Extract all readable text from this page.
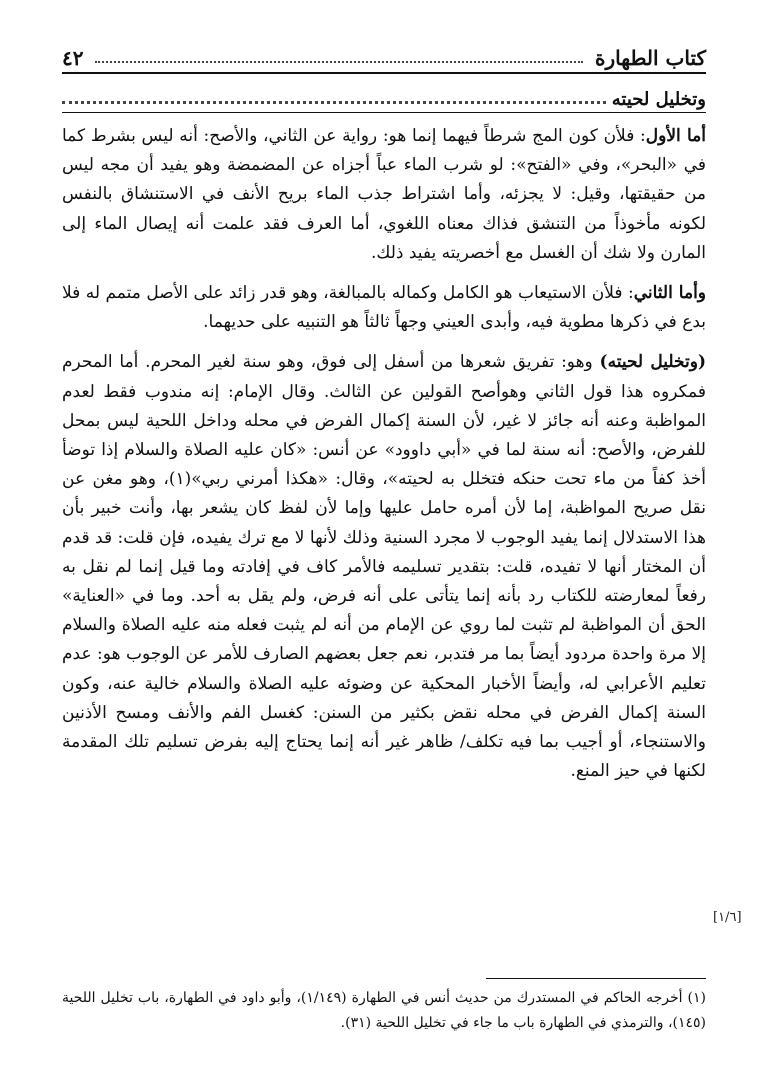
كتاب الطهارة
٤٢
وتخليل لحيته

أما الأول: فلأن كون المج شرطاً فيهما إنما هو: رواية عن الثاني، والأصح: أنه ليس بشرط كما في «البحر»، وفي «الفتح»: لو شرب الماء عباً أجزاه عن المضمضة وهو يفيد أن مجه ليس من حقيقتها، وقيل: لا يجزئه، وأما اشتراط جذب الماء بريح الأنف في الاستنشاق بالنفس لكونه مأخوذاً من التنشق فذاك معناه اللغوي، أما العرف فقد علمت أنه إيصال الماء إلى المارن ولا شك أن الغسل مع أخصريته يفيد ذلك.

وأما الثاني: فلأن الاستيعاب هو الكامل وكماله بالمبالغة، وهو قدر زائد على الأصل متمم له فلا بدع في ذكرها مطوية فيه، وأبدى العيني وجهاً ثالثاً هو التنبيه على حديهما.

(وتخليل لحيته) وهو: تفريق شعرها من أسفل إلى فوق، وهو سنة لغير المحرم. أما المحرم فمكروه هذا قول الثاني وهوأصح القولين عن الثالث. وقال الإمام: إنه مندوب فقط لعدم المواظبة وعنه أنه جائز لا غير، لأن السنة إكمال الفرض في محله وداخل اللحية ليس بمحل للفرض، والأصح: أنه سنة لما في «أبي داوود» عن أنس: «كان عليه الصلاة والسلام إذا توضأ أخذ كفاً من ماء تحت حنكه فتخلل به لحيته»، وقال: «هكذا أمرني ربي»(١)، وهو مغن عن نقل صريح المواظبة، إما لأن أمره حامل عليها وإما لأن لفظ كان يشعر بها، وأنت خبير بأن هذا الاستدلال إنما يفيد الوجوب لا مجرد السنية وذلك لأنها لا مع ترك يفيده، فإن قلت: قد قدم أن المختار أنها لا تفيده، قلت: بتقدير تسليمه فالأمر كاف في إفادته وما قيل إنما لم نقل به رفعاً لمعارضته للكتاب رد بأنه إنما يتأتى على أنه فرض، ولم يقل به أحد. وما في «العناية» الحق أن المواظبة لم تثبت لما روي عن الإمام من أنه لم يثبت فعله منه عليه الصلاة والسلام إلا مرة واحدة مردود أيضاً بما مر فتدبر، نعم جعل بعضهم الصارف للأمر عن الوجوب هو: عدم تعليم الأعرابي له، وأيضاً الأخبار المحكية عن وضوئه عليه الصلاة والسلام خالية عنه، وكون السنة إكمال الفرض في محله نقض بكثير من السنن: كغسل الفم والأنف ومسح الأذنين والاستنجاء، أو أجيب بما فيه تكلف/ ظاهر غير أنه إنما يحتاج إليه بفرض تسليم تلك المقدمة لكنها في حيز المنع.

[١/٦]
(١) أخرجه الحاكم في المستدرك من حديث أنس في الطهارة (١/١٤٩)، وأبو داود في الطهارة، باب تخليل اللحية (١٤٥)، والترمذي في الطهارة باب ما جاء في تخليل اللحية (٣١).
